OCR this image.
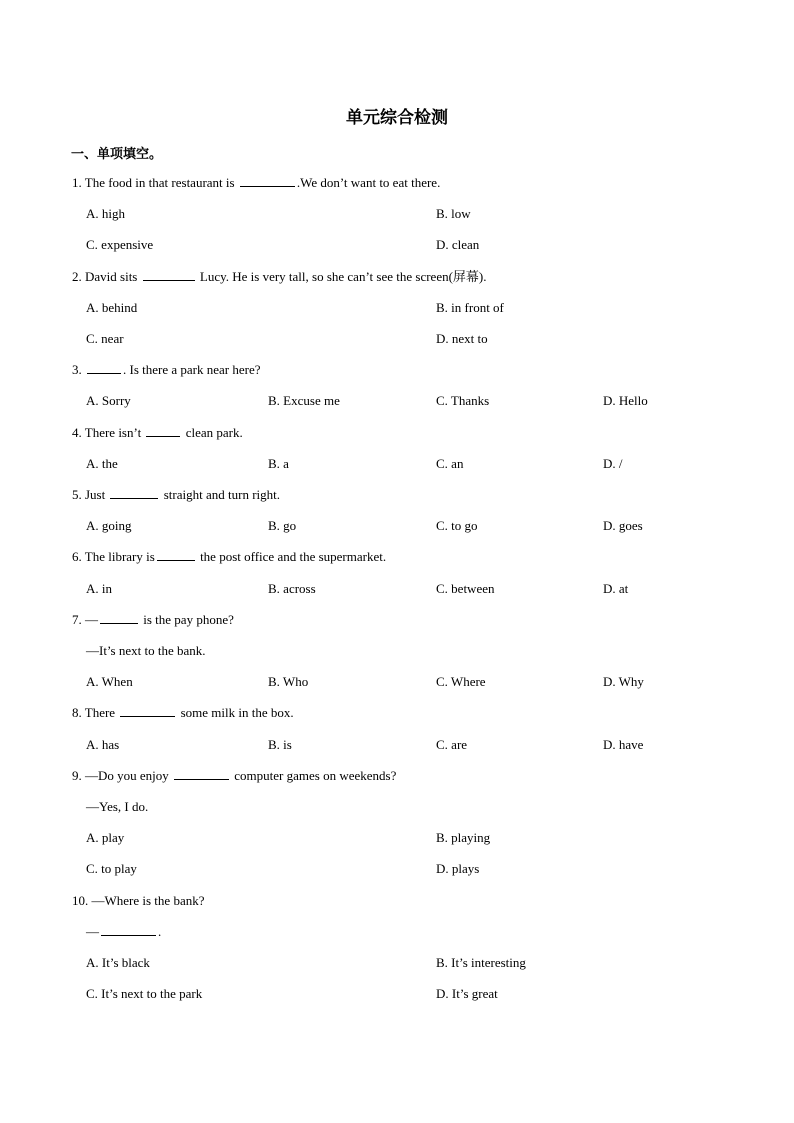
单元综合检测
一、单项填空。
1. The food in that restaurant is	.We don’t want to eat there.
A. high	B. low
C. expensive	D. clean
2. David sits	Lucy. He is very tall, so she can’t see the screen(屏幕).
A. behind	B. in front of
C. near	D. next to
3.	. Is there a park near here?
A. Sorry	B. Excuse me	C. Thanks	D. Hello
4. There isn’t	clean park.
A. the	B. a	C. an	D. /
5. Just	straight and turn right.
A. going	B. go	C. to go	D. goes
6. The library is	the post office and the supermarket.
A. in	B. across	C. between	D. at
7. —	is the pay phone?
—It’s next to the bank.
A. When	B. Who	C. Where	D. Why
8. There	some milk in the box.
A. has	B. is	C. are	D. have
9. —Do you enjoy	computer games on weekends?
—Yes, I do.
A. play	B. playing
C. to play	D. plays
10. —Where is the bank?
—	.
A. It’s black	B. It’s interesting
C. It’s next to the park	D. It’s great
